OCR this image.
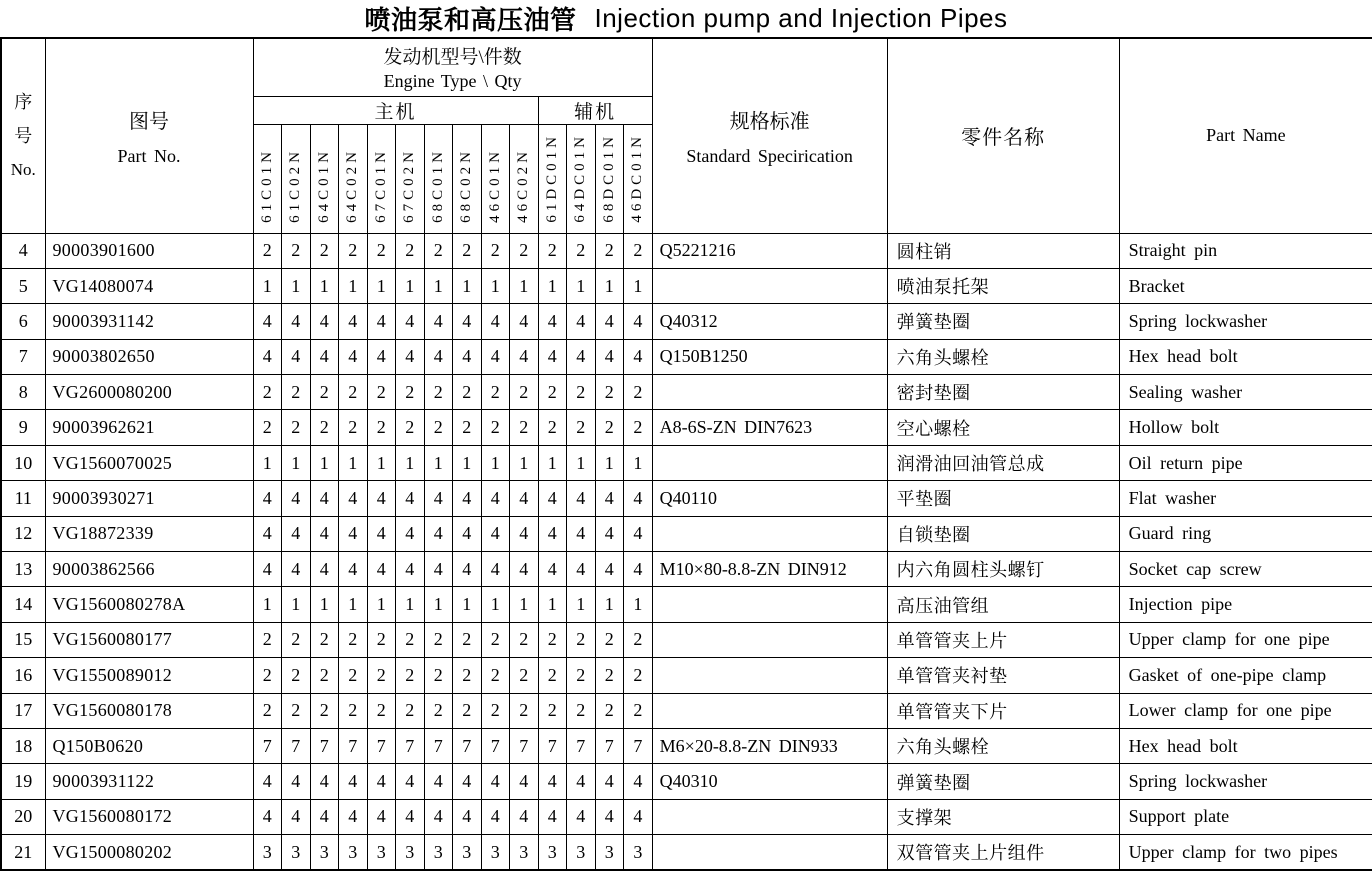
喷油泵和高压油管 Injection pump and Injection Pipes
序
号
No.

图号
Part No.

发动机型号\件数
Engine Type \ Qty

规格标准
Standard Specirication
	零件名称	Part Name
		主机										辅机						
		61C01N	61C02N	64C01N	64C02N	67C01N	67C02N	68C01N	68C02N	46C01N	46C02N	61DC01N	64DC01N	68DC01N	46DC01N			
4	90003901600	2	2	2	2	2	2	2	2	2	2	2	2	2	2	Q5221216	圆柱销	Straight pin
5	VG14080074	1	1	1	1	1	1	1	1	1	1	1	1	1	1		喷油泵托架	Bracket
6	90003931142	4	4	4	4	4	4	4	4	4	4	4	4	4	4	Q40312	弹簧垫圈	Spring lockwasher
7	90003802650	4	4	4	4	4	4	4	4	4	4	4	4	4	4	Q150B1250	六角头螺栓	Hex head bolt
8	VG2600080200	2	2	2	2	2	2	2	2	2	2	2	2	2	2		密封垫圈	Sealing washer
9	90003962621	2	2	2	2	2	2	2	2	2	2	2	2	2	2	A8-6S-ZN DIN7623	空心螺栓	Hollow bolt
10	VG1560070025	1	1	1	1	1	1	1	1	1	1	1	1	1	1		润滑油回油管总成	Oil return pipe
11	90003930271	4	4	4	4	4	4	4	4	4	4	4	4	4	4	Q40110	平垫圈	Flat washer
12	VG18872339	4	4	4	4	4	4	4	4	4	4	4	4	4	4		自锁垫圈	Guard ring
13	90003862566	4	4	4	4	4	4	4	4	4	4	4	4	4	4	M10×80-8.8-ZN DIN912	内六角圆柱头螺钉	Socket cap screw
14	VG1560080278A	1	1	1	1	1	1	1	1	1	1	1	1	1	1		高压油管组	Injection pipe
15	VG1560080177	2	2	2	2	2	2	2	2	2	2	2	2	2	2		单管管夹上片	Upper clamp for one pipe
16	VG1550089012	2	2	2	2	2	2	2	2	2	2	2	2	2	2		单管管夹衬垫	Gasket of one-pipe clamp
17	VG1560080178	2	2	2	2	2	2	2	2	2	2	2	2	2	2		单管管夹下片	Lower clamp for one pipe
18	Q150B0620	7	7	7	7	7	7	7	7	7	7	7	7	7	7	M6×20-8.8-ZN DIN933	六角头螺栓	Hex head bolt
19	90003931122	4	4	4	4	4	4	4	4	4	4	4	4	4	4	Q40310	弹簧垫圈	Spring lockwasher
20	VG1560080172	4	4	4	4	4	4	4	4	4	4	4	4	4	4		支撑架	Support plate
21	VG1500080202	3	3	3	3	3	3	3	3	3	3	3	3	3	3		双管管夹上片组件	Upper clamp for two pipes
